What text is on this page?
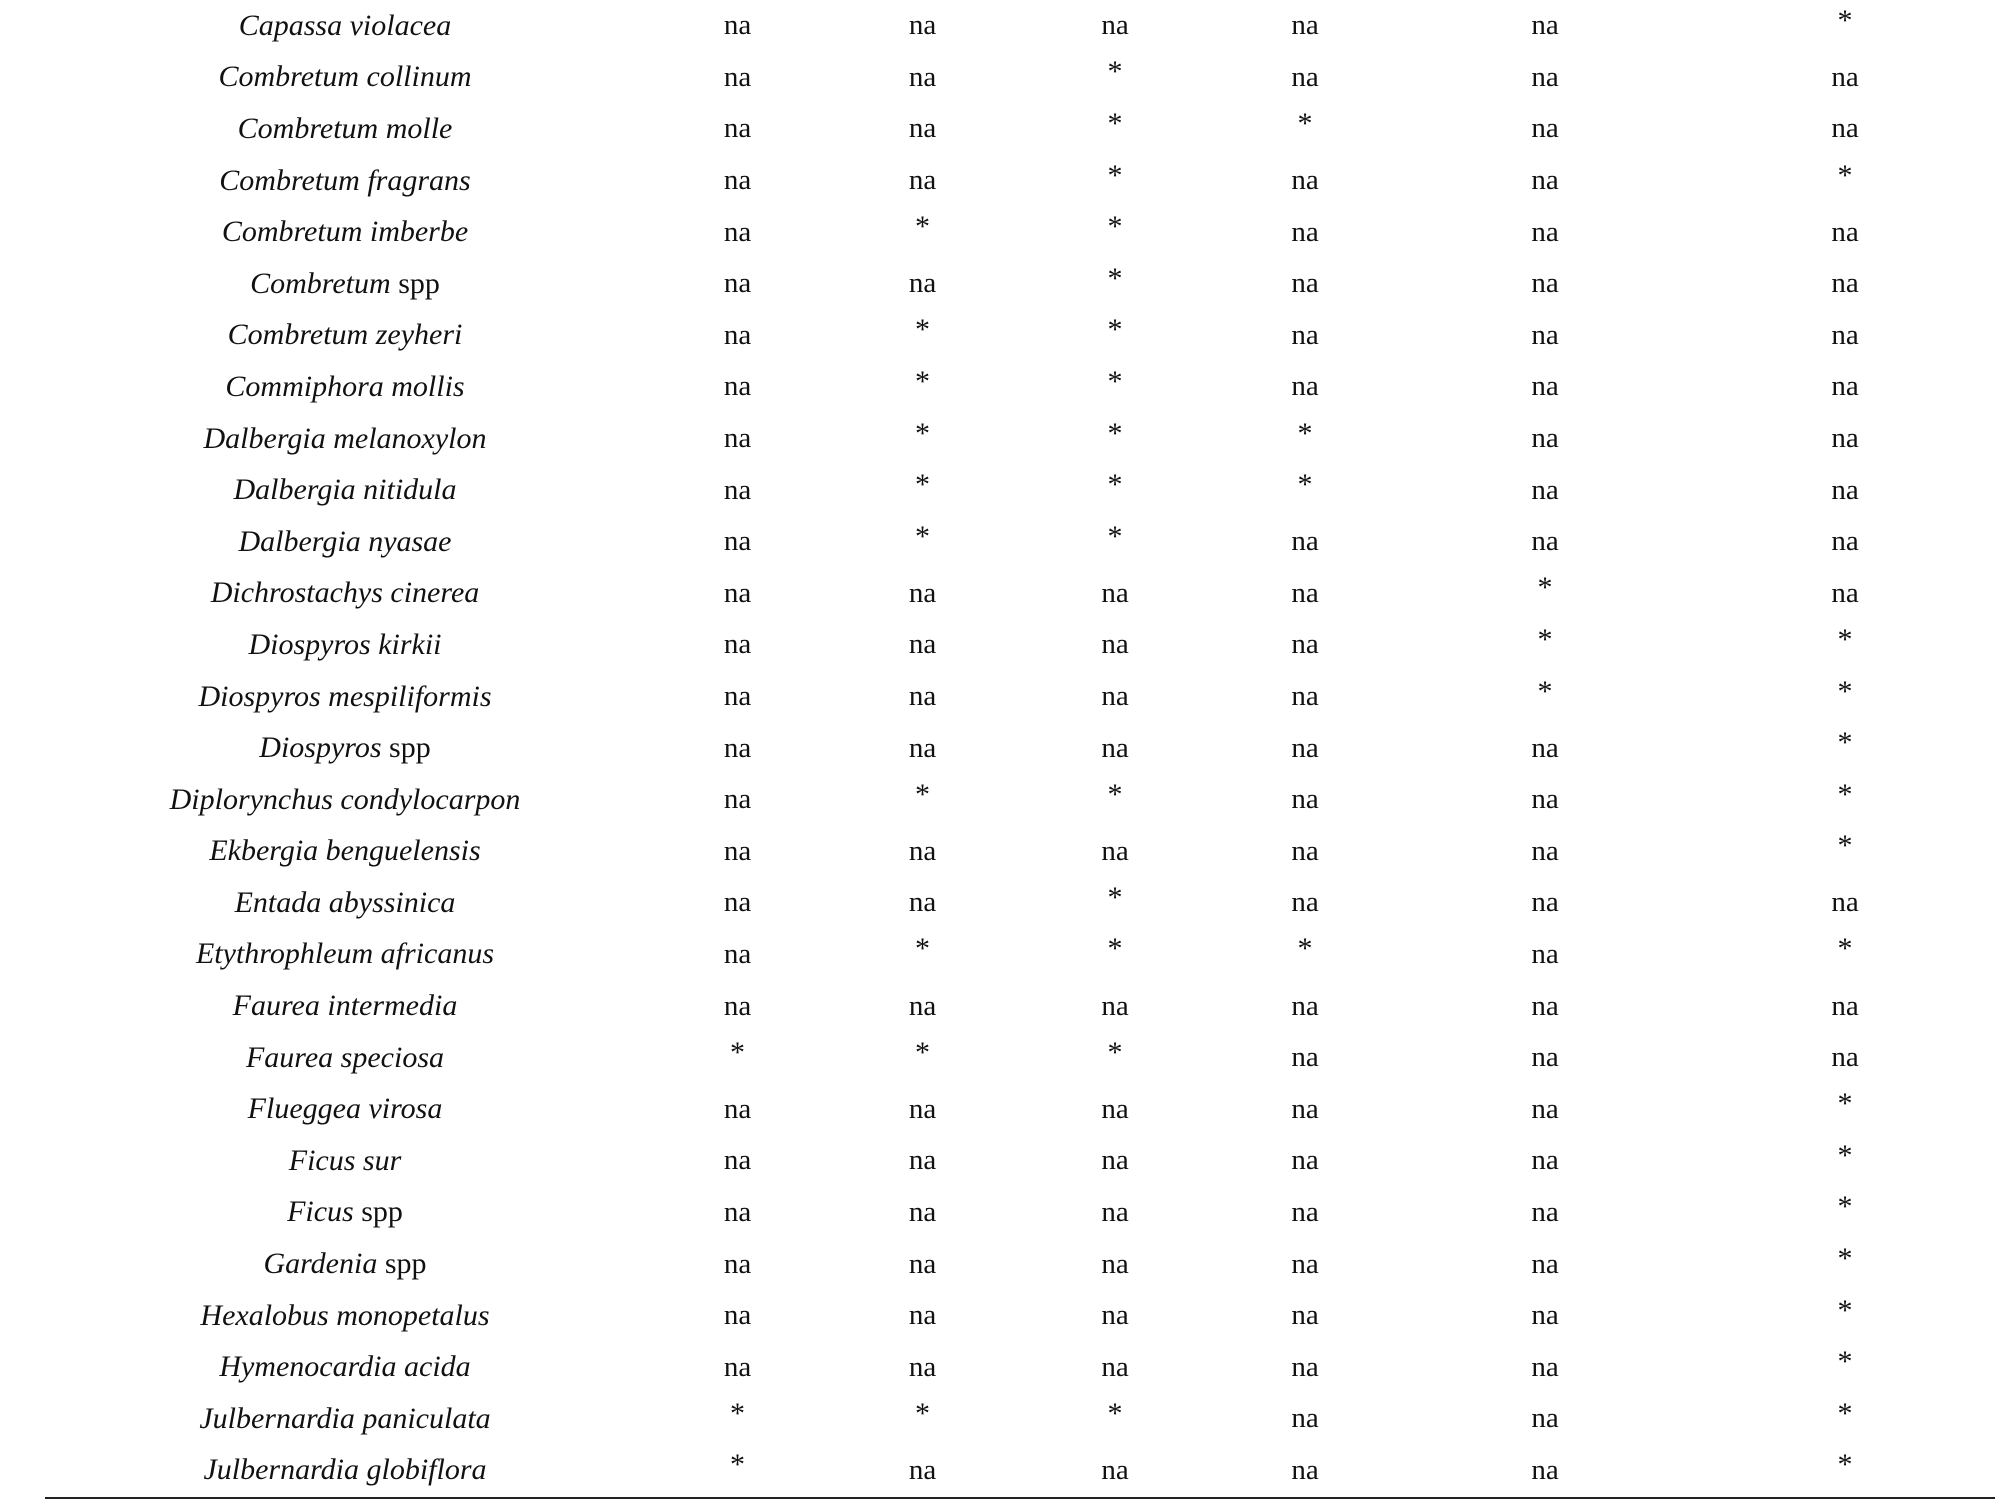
Capassa violacea	na	na	na	na	na	*
Combretum collinum	na	na	*	na	na	na
Combretum molle	na	na	*	*	na	na
Combretum fragrans	na	na	*	na	na	*
Combretum imberbe	na	*	*	na	na	na
Combretum spp	na	na	*	na	na	na
Combretum zeyheri	na	*	*	na	na	na
Commiphora mollis	na	*	*	na	na	na
Dalbergia melanoxylon	na	*	*	*	na	na
Dalbergia nitidula	na	*	*	*	na	na
Dalbergia nyasae	na	*	*	na	na	na
Dichrostachys cinerea	na	na	na	na	*	na
Diospyros kirkii	na	na	na	na	*	*
Diospyros mespiliformis	na	na	na	na	*	*
Diospyros spp	na	na	na	na	na	*
Diplorynchus condylocarpon	na	*	*	na	na	*
Ekbergia benguelensis	na	na	na	na	na	*
Entada abyssinica	na	na	*	na	na	na
Etythrophleum africanus	na	*	*	*	na	*
Faurea intermedia	na	na	na	na	na	na
Faurea speciosa	*	*	*	na	na	na
Flueggea virosa	na	na	na	na	na	*
Ficus sur	na	na	na	na	na	*
Ficus spp	na	na	na	na	na	*
Gardenia spp	na	na	na	na	na	*
Hexalobus monopetalus	na	na	na	na	na	*
Hymenocardia acida	na	na	na	na	na	*
Julbernardia paniculata	*	*	*	na	na	*
Julbernardia globiflora	*	na	na	na	na	*
